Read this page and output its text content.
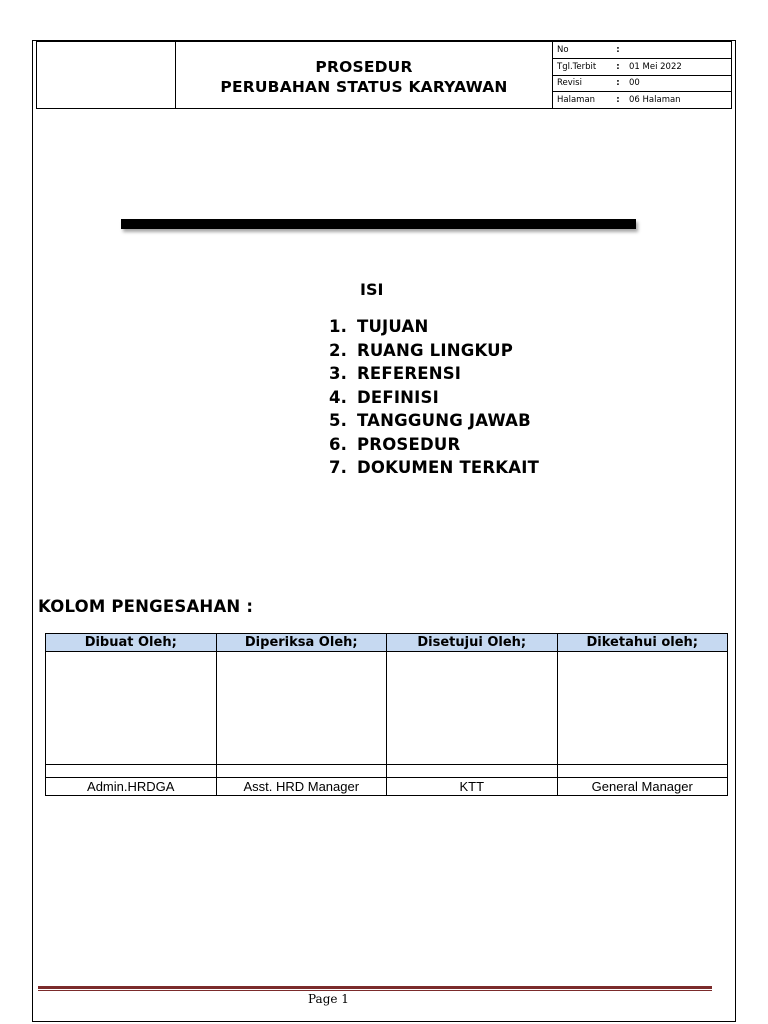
PROSEDUR
PERUBAHAN STATUS KARYAWAN
No	:
Tgl.Terbit	:	01 Mei 2022
Revisi	:	00
Halaman	:	06 Halaman
ISI
1. TUJUAN
2. RUANG LINGKUP
3. REFERENSI
4. DEFINISI
5. TANGGUNG JAWAB
6. PROSEDUR
7. DOKUMEN TERKAIT
KOLOM PENGESAHAN :
Dibuat Oleh;	Diperiksa Oleh;	Disetujui Oleh;	Diketahui oleh;

Admin.HRDGA	Asst. HRD Manager	KTT	General Manager
Page 1
